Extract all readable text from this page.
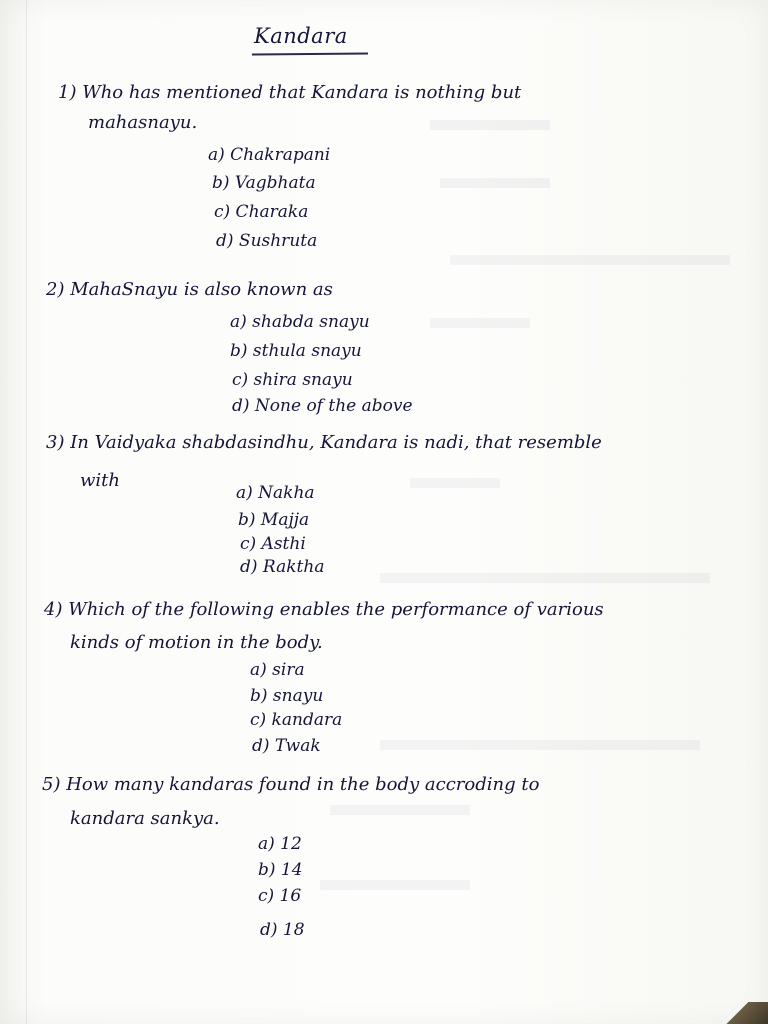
Kandara
1) Who has mentioned that Kandara is nothing but
mahasnayu.
a) Chakrapani
b) Vagbhata
c) Charaka
d) Sushruta
2) MahaSnayu is also known as
a) shabda snayu
b) sthula snayu
c) shira snayu
d) None of the above
3) In Vaidyaka shabdasindhu, Kandara is nadi, that resemble
with
a) Nakha
b) Majja
c) Asthi
d) Raktha
4) Which of the following enables the performance of various
kinds of motion in the body.
a) sira
b) snayu
c) kandara
d) Twak
5) How many kandaras found in the body accroding to
kandara sankya.
a) 12
b) 14
c) 16
d) 18
